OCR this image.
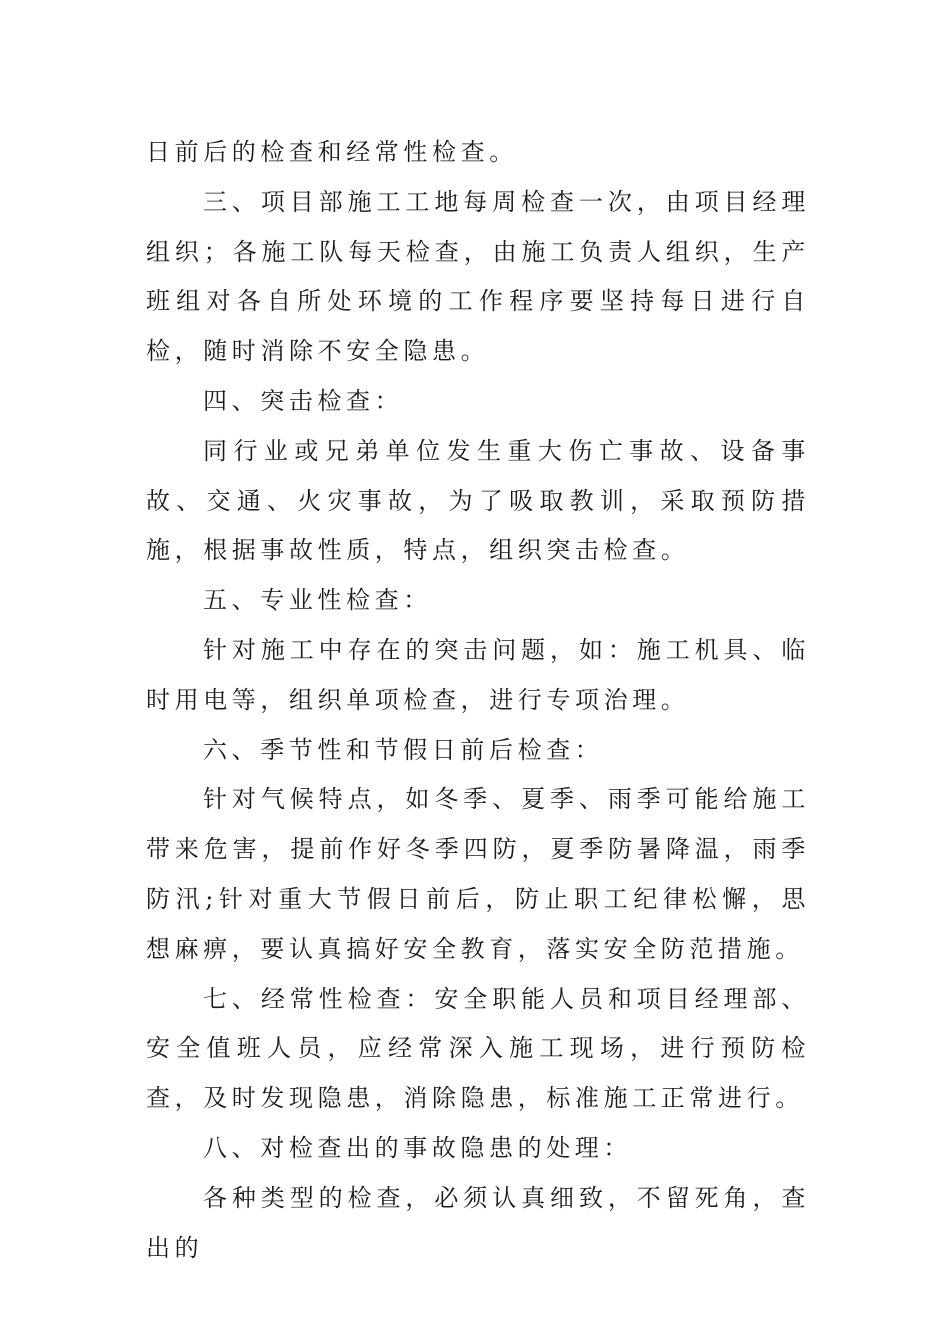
日前后的检查和经常性检查。

三、项目部施工工地每周检查一次，由项目经理组织；各施工队每天检查，由施工负责人组织，生产班组对各自所处环境的工作程序要坚持每日进行自检，随时消除不安全隐患。

四、突击检查：

同行业或兄弟单位发生重大伤亡事故、设备事故、交通、火灾事故，为了吸取教训，采取预防措施，根据事故性质，特点，组织突击检查。

五、专业性检查：

针对施工中存在的突击问题，如：施工机具、临时用电等，组织单项检查，进行专项治理。

六、季节性和节假日前后检查：

针对气候特点，如冬季、夏季、雨季可能给施工带来危害，提前作好冬季四防，夏季防暑降温，雨季防汛;针对重大节假日前后，防止职工纪律松懈，思想麻痹，要认真搞好安全教育，落实安全防范措施。

七、经常性检查：安全职能人员和项目经理部、安全值班人员，应经常深入施工现场，进行预防检查，及时发现隐患，消除隐患，标准施工正常进行。

八、对检查出的事故隐患的处理：

各种类型的检查，必须认真细致，不留死角，查出的
